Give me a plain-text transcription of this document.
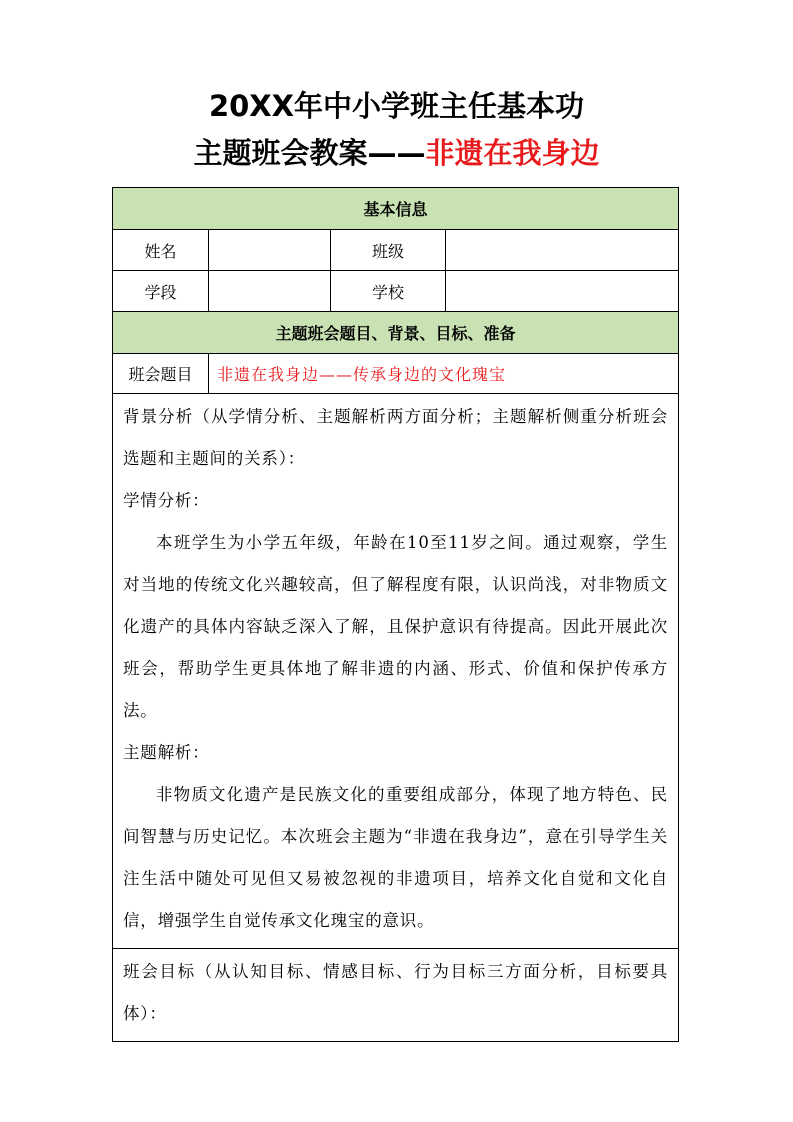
20XX年中小学班主任基本功
主题班会教案——非遗在我身边
基本信息			
姓名		班级	
学段		学校	
主题班会题目、背景、目标、准备			
班会题目	非遗在我身边——传承身边的文化瑰宝		

背景分析（从学情分析、主题解析两方面分析；主题解析侧重分析班会选题和主题间的关系）：

学情分析：

本班学生为小学五年级，年龄在10至11岁之间。通过观察，学生对当地的传统文化兴趣较高，但了解程度有限，认识尚浅，对非物质文化遗产的具体内容缺乏深入了解，且保护意识有待提高。因此开展此次班会，帮助学生更具体地了解非遗的内涵、形式、价值和保护传承方法。

主题解析：

非物质文化遗产是民族文化的重要组成部分，体现了地方特色、民间智慧与历史记忆。本次班会主题为“非遗在我身边”，意在引导学生关注生活中随处可见但又易被忽视的非遗项目，培养文化自觉和文化自信，增强学生自觉传承文化瑰宝的意识。			

班会目标（从认知目标、情感目标、行为目标三方面分析，目标要具体）：			
